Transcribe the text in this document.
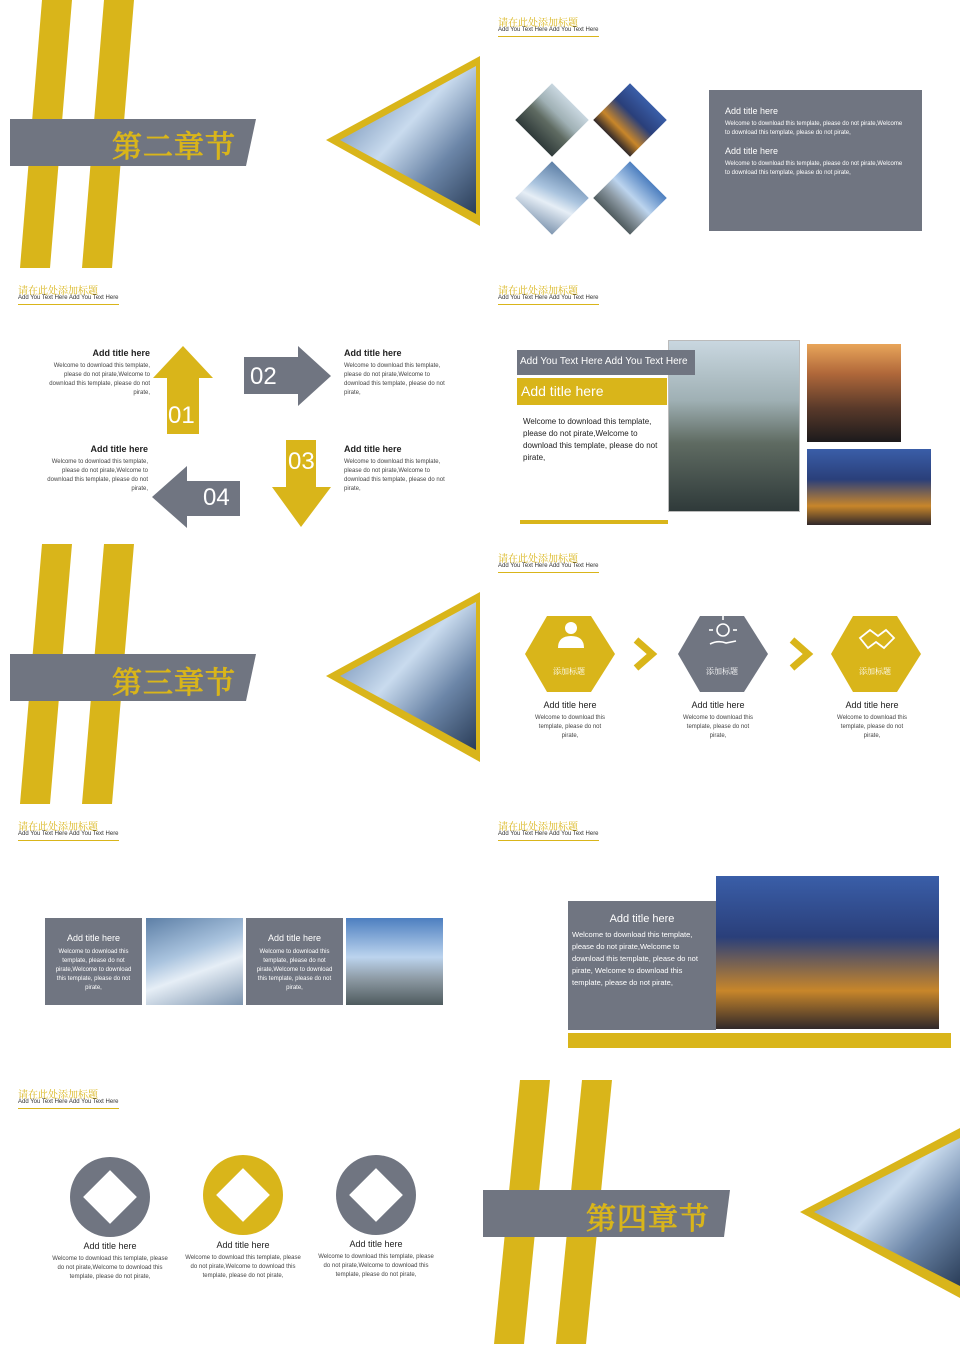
第二章节
请在此处添加标题
Add You Text Here Add You Text Here
Add title here
Welcome to download this template, please do not pirate,Welcome to download this template, please do not pirate,
Add title here
Welcome to download this template, please do not pirate,Welcome to download this template, please do not pirate,
请在此处添加标题
Add You Text Here Add You Text Here
01
02
03
04
Add title here
Welcome to download this template, please do not pirate,Welcome to download this template, please do not pirate,
Add title here
Welcome to download this template, please do not pirate,Welcome to download this template, please do not pirate,
Add title here
Welcome to download this template, please do not pirate,Welcome to download this template, please do not pirate,
Add title here
Welcome to download this template, please do not pirate,Welcome to download this template, please do not pirate,
请在此处添加标题
Add You Text Here Add You Text Here
Add You Text Here Add You Text Here
Add title here
Welcome to download this template, please do not pirate,Welcome to download this template, please do not pirate,
第三章节
请在此处添加标题
Add You Text Here Add You Text Here
添加标题	添加标题	添加标题
Add title here
Welcome to download this template, please do not pirate,
Add title here
Welcome to download this template, please do not pirate,
Add title here
Welcome to download this template, please do not pirate,
请在此处添加标题
Add You Text Here Add You Text Here
Add title here
Welcome to download this template, please do not pirate,Welcome to download this template, please do not pirate,
Add title here
Welcome to download this template, please do not pirate,Welcome to download this template, please do not pirate,
请在此处添加标题
Add You Text Here Add You Text Here
Add title here
Welcome to download this template, please do not pirate,Welcome to download this template, please do not pirate, Welcome to download this template, please do not pirate,
请在此处添加标题
Add You Text Here Add You Text Here
Add title here
Welcome to download this template, please do not pirate,Welcome to download this template, please do not pirate,
Add title here
Welcome to download this template, please do not pirate,Welcome to download this template, please do not pirate,
Add title here
Welcome to download this template, please do not pirate,Welcome to download this template, please do not pirate,
第四章节
